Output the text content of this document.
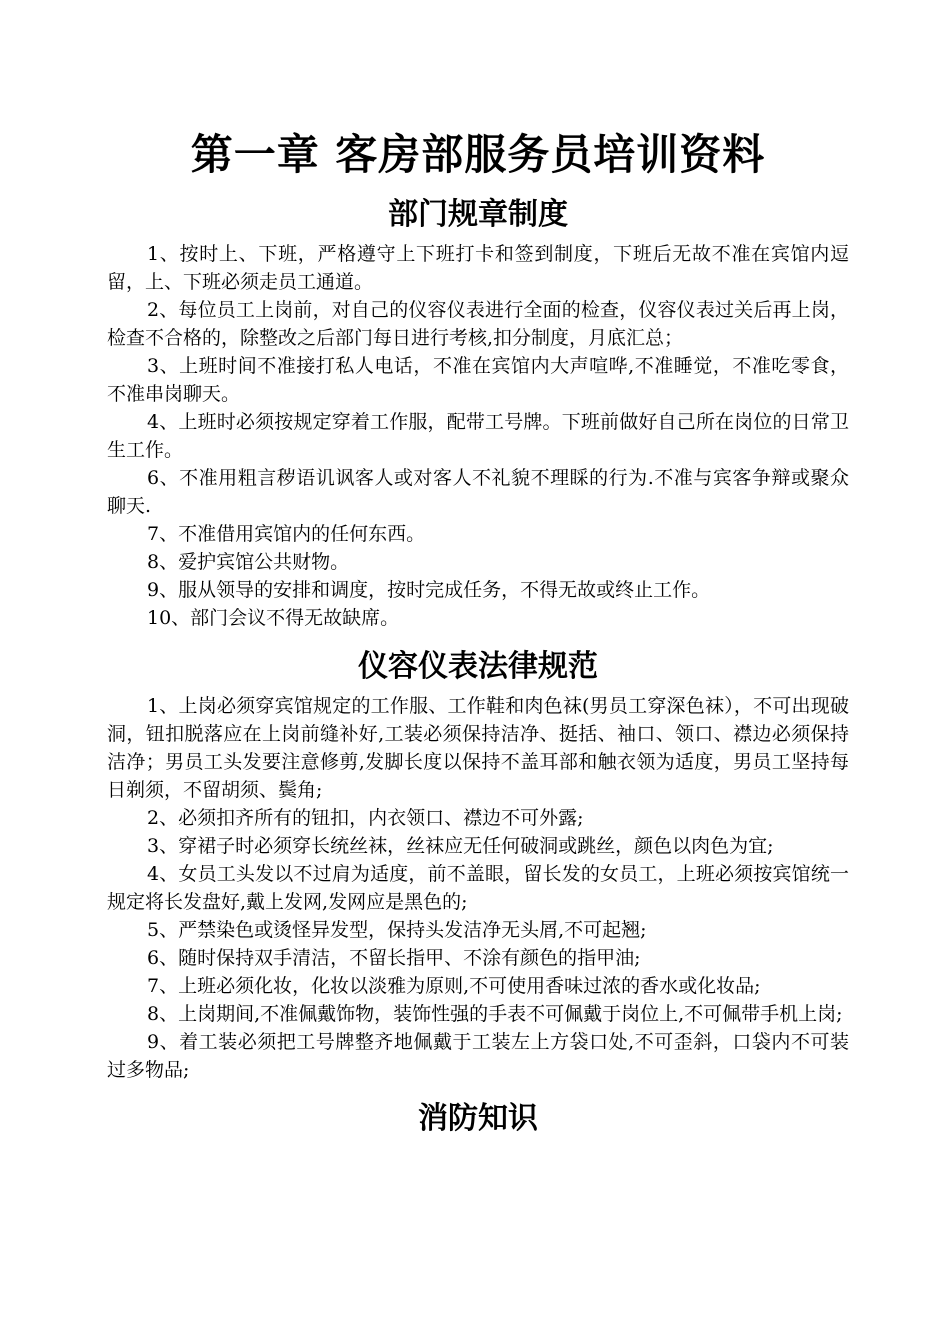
第一章 客房部服务员培训资料
部门规章制度

1、按时上、下班，严格遵守上下班打卡和签到制度，下班后无故不准在宾馆内逗留，上、下班必须走员工通道。

2、每位员工上岗前，对自己的仪容仪表进行全面的检查，仪容仪表过关后再上岗，检查不合格的，除整改之后部门每日进行考核,扣分制度，月底汇总；

3、上班时间不准接打私人电话，不准在宾馆内大声喧哗,不准睡觉，不准吃零食，不准串岗聊天。

4、上班时必须按规定穿着工作服，配带工号牌。下班前做好自己所在岗位的日常卫生工作。

6、不准用粗言秽语讥讽客人或对客人不礼貌不理睬的行为.不准与宾客争辩或聚众聊天.

7、不准借用宾馆内的任何东西。

8、爱护宾馆公共财物。

9、服从领导的安排和调度，按时完成任务，不得无故或终止工作。

10、部门会议不得无故缺席。

仪容仪表法律规范

1、上岗必须穿宾馆规定的工作服、工作鞋和肉色袜(男员工穿深色袜），不可出现破洞，钮扣脱落应在上岗前缝补好,工装必须保持洁净、挺括、袖口、领口、襟边必须保持洁净；男员工头发要注意修剪,发脚长度以保持不盖耳部和触衣领为适度，男员工坚持每日剃须，不留胡须、鬓角;

2、必须扣齐所有的钮扣，内衣领口、襟边不可外露;

3、穿裙子时必须穿长统丝袜，丝袜应无任何破洞或跳丝，颜色以肉色为宜;

4、女员工头发以不过肩为适度，前不盖眼，留长发的女员工，上班必须按宾馆统一规定将长发盘好,戴上发网,发网应是黑色的;

5、严禁染色或烫怪异发型，保持头发洁净无头屑,不可起翘;

6、随时保持双手清洁，不留长指甲、不涂有颜色的指甲油;

7、上班必须化妆，化妆以淡雅为原则,不可使用香味过浓的香水或化妆品;

8、上岗期间,不准佩戴饰物，装饰性强的手表不可佩戴于岗位上,不可佩带手机上岗;

9、着工装必须把工号牌整齐地佩戴于工装左上方袋口处,不可歪斜，口袋内不可装过多物品;

消防知识
